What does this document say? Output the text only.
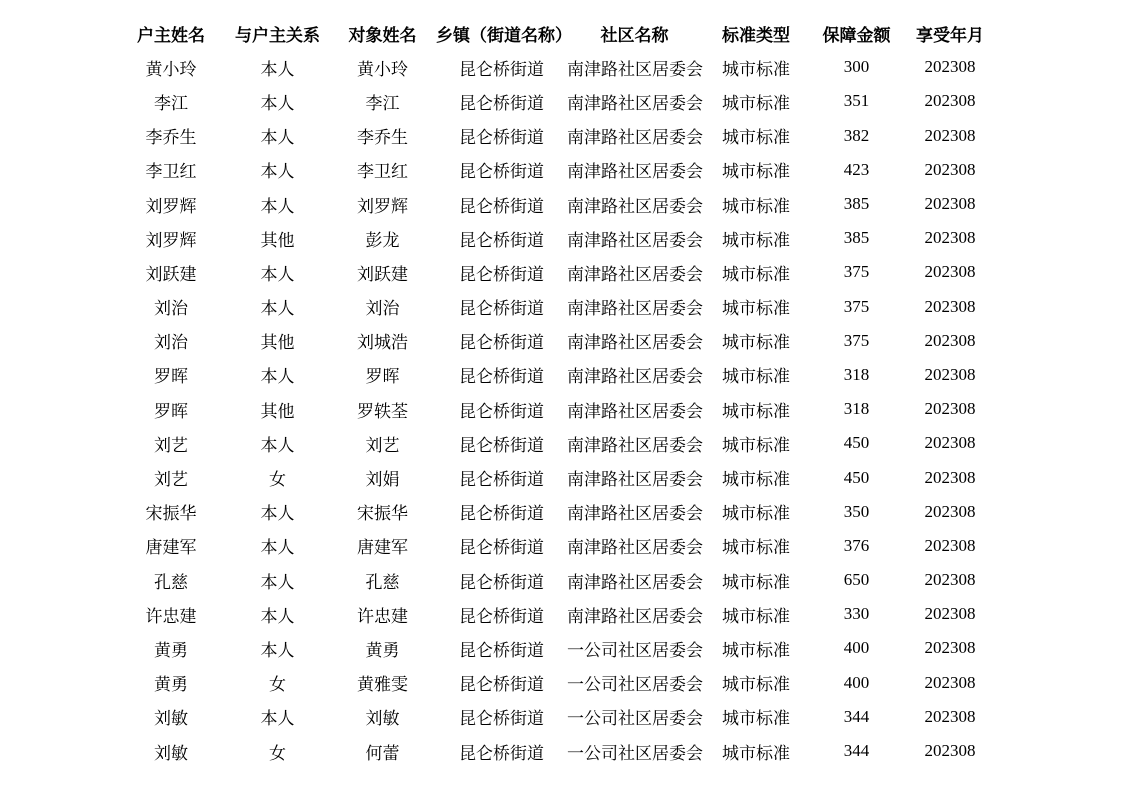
户主姓名	与户主关系	对象姓名	乡镇（街道名称）	社区名称	标准类型	保障金额	享受年月
黄小玲	本人	黄小玲	昆仑桥街道	南津路社区居委会	城市标准	300	202308
李江	本人	李江	昆仑桥街道	南津路社区居委会	城市标准	351	202308
李乔生	本人	李乔生	昆仑桥街道	南津路社区居委会	城市标准	382	202308
李卫红	本人	李卫红	昆仑桥街道	南津路社区居委会	城市标准	423	202308
刘罗辉	本人	刘罗辉	昆仑桥街道	南津路社区居委会	城市标准	385	202308
刘罗辉	其他	彭龙	昆仑桥街道	南津路社区居委会	城市标准	385	202308
刘跃建	本人	刘跃建	昆仑桥街道	南津路社区居委会	城市标准	375	202308
刘治	本人	刘治	昆仑桥街道	南津路社区居委会	城市标准	375	202308
刘治	其他	刘城浩	昆仑桥街道	南津路社区居委会	城市标准	375	202308
罗晖	本人	罗晖	昆仑桥街道	南津路社区居委会	城市标准	318	202308
罗晖	其他	罗轶荃	昆仑桥街道	南津路社区居委会	城市标准	318	202308
刘艺	本人	刘艺	昆仑桥街道	南津路社区居委会	城市标准	450	202308
刘艺	女	刘娟	昆仑桥街道	南津路社区居委会	城市标准	450	202308
宋振华	本人	宋振华	昆仑桥街道	南津路社区居委会	城市标准	350	202308
唐建军	本人	唐建军	昆仑桥街道	南津路社区居委会	城市标准	376	202308
孔慈	本人	孔慈	昆仑桥街道	南津路社区居委会	城市标准	650	202308
许忠建	本人	许忠建	昆仑桥街道	南津路社区居委会	城市标准	330	202308
黄勇	本人	黄勇	昆仑桥街道	一公司社区居委会	城市标准	400	202308
黄勇	女	黄雅雯	昆仑桥街道	一公司社区居委会	城市标准	400	202308
刘敏	本人	刘敏	昆仑桥街道	一公司社区居委会	城市标准	344	202308
刘敏	女	何蕾	昆仑桥街道	一公司社区居委会	城市标准	344	202308
